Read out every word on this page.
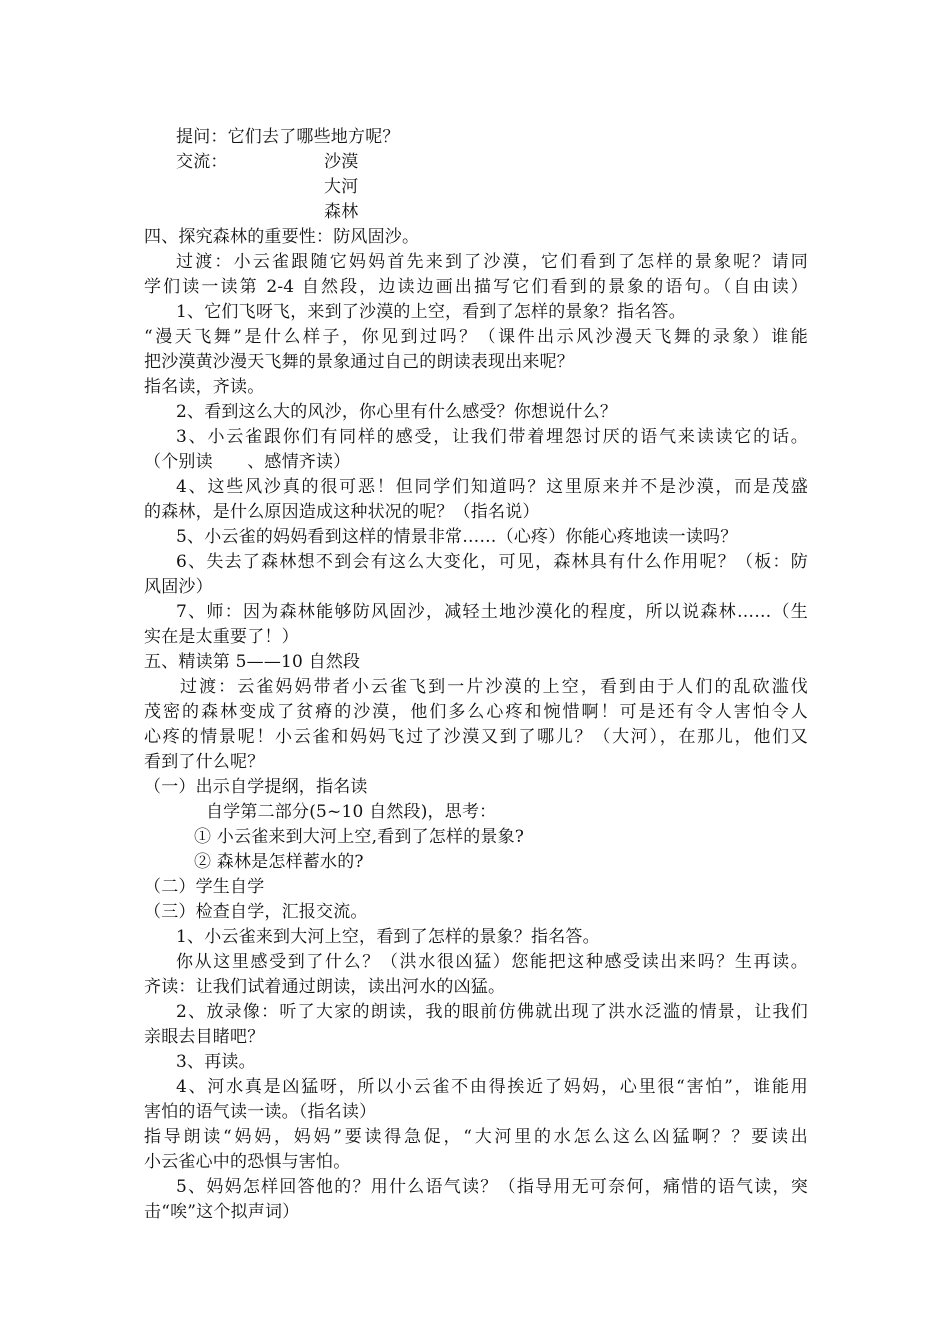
提问：它们去了哪些地方呢？
交流：	沙漠
大河
森林
四、探究森林的重要性：防风固沙。
过渡：小云雀跟随它妈妈首先来到了沙漠，它们看到了怎样的景象呢？请同
学们读一读第 2-4 自然段，边读边画出描写它们看到的景象的语句。（自由读）
1、它们飞呀飞，来到了沙漠的上空，看到了怎样的景象？指名答。
“漫天飞舞”是什么样子，你见到过吗？（课件出示风沙漫天飞舞的录象）谁能
把沙漠黄沙漫天飞舞的景象通过自己的朗读表现出来呢？
指名读，齐读。
2、看到这么大的风沙，你心里有什么感受？你想说什么？
3、小云雀跟你们有同样的感受，让我们带着埋怨讨厌的语气来读读它的话。
（个别读　　、感情齐读）
4、这些风沙真的很可恶！但同学们知道吗？这里原来并不是沙漠，而是茂盛
的森林，是什么原因造成这种状况的呢？（指名说）
5、小云雀的妈妈看到这样的情景非常……（心疼）你能心疼地读一读吗？
6、失去了森林想不到会有这么大变化，可见，森林具有什么作用呢？（板：防
风固沙）
7、师：因为森林能够防风固沙，减轻土地沙漠化的程度，所以说森林……（生
实在是太重要了！）
五、精读第 5——10 自然段
过渡：云雀妈妈带者小云雀飞到一片沙漠的上空，看到由于人们的乱砍滥伐
茂密的森林变成了贫瘠的沙漠，他们多么心疼和惋惜啊！可是还有令人害怕令人
心疼的情景呢！小云雀和妈妈飞过了沙漠又到了哪儿？（大河），在那儿，他们又
看到了什么呢？
（一）出示自学提纲，指名读
自学第二部分(5~10 自然段)，思考：
① 小云雀来到大河上空,看到了怎样的景象?
② 森林是怎样蓄水的?
（二）学生自学
（三）检查自学，汇报交流。
1、小云雀来到大河上空，看到了怎样的景象？指名答。
你从这里感受到了什么？（洪水很凶猛）您能把这种感受读出来吗？生再读。
齐读：让我们试着通过朗读，读出河水的凶猛。
2、放录像：听了大家的朗读，我的眼前仿佛就出现了洪水泛滥的情景，让我们
亲眼去目睹吧？
3、再读。
4、河水真是凶猛呀，所以小云雀不由得挨近了妈妈，心里很“害怕”，谁能用
害怕的语气读一读。（指名读）
指导朗读“妈妈，妈妈”要读得急促，“大河里的水怎么这么凶猛啊？？要读出
小云雀心中的恐惧与害怕。
5、妈妈怎样回答他的？用什么语气读？（指导用无可奈何，痛惜的语气读，突
击“唉”这个拟声词）
